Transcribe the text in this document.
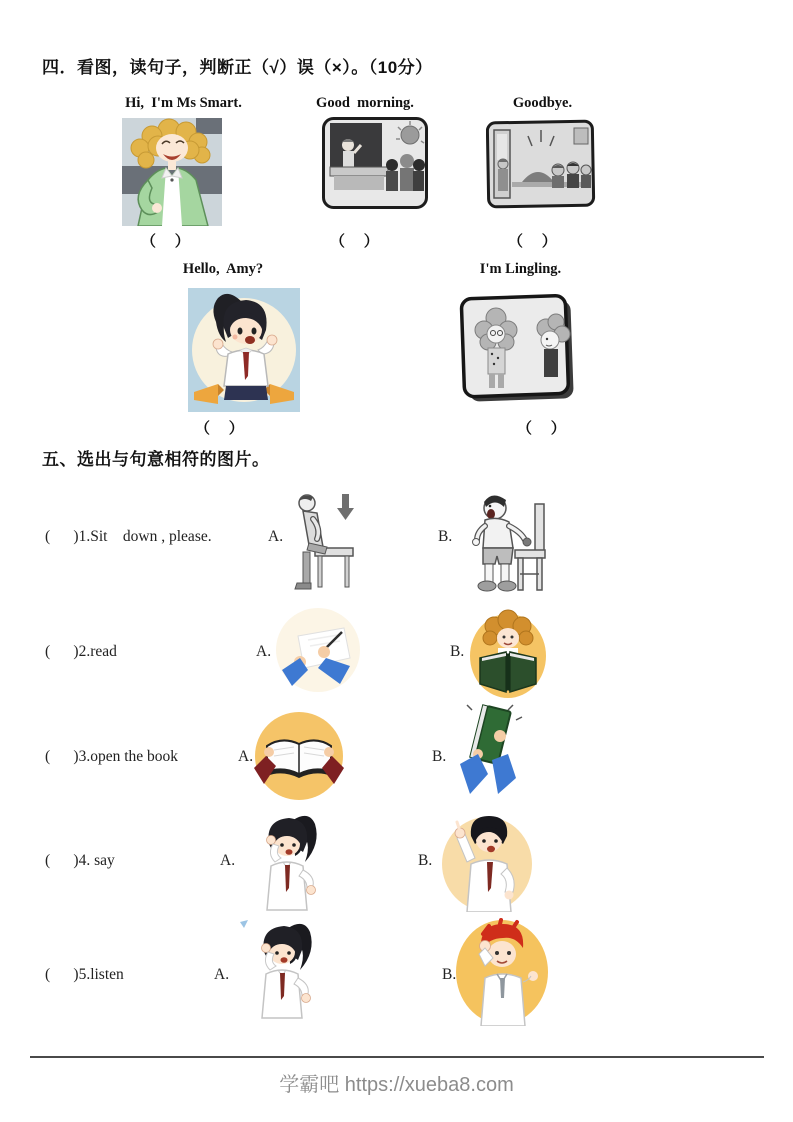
四．看图，读句子，判断正（√）误（×）。（10分）
Hi,  I'm Ms Smart.	Good  morning.	Goodbye.
（     ）	（     ）	（     ）
Hello,  Amy?	I'm Lingling.
（     ）	（     ）
五、选出与句意相符的图片。
(      )1.Sit    down , please.	A.	B.
(      )2.read	A.	B.
(      )3.open the book	A.	B.
(      )4. say	A.	B.
(      )5.listen	A.	B.
学霸吧 https://xueba8.com
